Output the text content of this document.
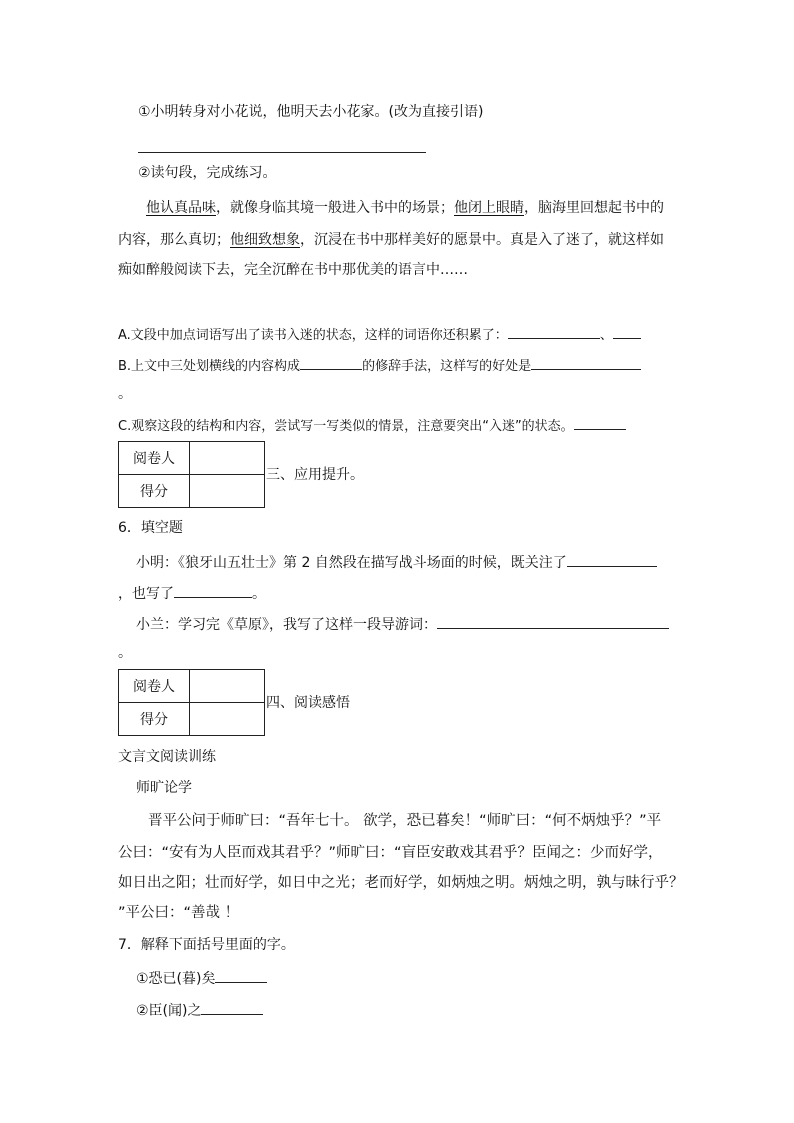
①小明转身对小花说，他明天去小花家。(改为直接引语)
②读句段，完成练习。
他认真品味，就像身临其境一般进入书中的场景；他闭上眼睛，脑海里回想起书中的
内容，那么真切；他细致想象，沉浸在书中那样美好的愿景中。真是入了迷了，就这样如
痴如醉般阅读下去，完全沉醉在书中那优美的语言中……
A.文段中加点词语写出了读书入迷的状态，这样的词语你还积累了：	、
B.上文中三处划横线的内容构成	的修辞手法，这样写的好处是
。
C.观察这段的结构和内容，尝试写一写类似的情景，注意要突出“入迷”的状态。
阅卷人	
得分	
三、应用提升。
6．填空题
小明：《狼牙山五壮士》第 2 自然段在描写战斗场面的时候，既关注了
，也写了	。
小兰：学习完《草原》，我写了这样一段导游词：
。
阅卷人	
得分	
四、阅读感悟
文言文阅读训练
师旷论学
晋平公问于师旷曰：“吾年七十。 欲学，恐已暮矣！“师旷曰：“何不炳烛乎？”平
公曰：“安有为人臣而戏其君乎？”师旷曰：“盲臣安敢戏其君乎？臣闻之：少而好学，
如日出之阳；壮而好学，如日中之光；老而好学，如炳烛之明。炳烛之明，孰与昧行乎？
”平公曰：“善哉 ！
7．解释下面括号里面的字。
①恐已(暮)矣
②臣(闻)之
